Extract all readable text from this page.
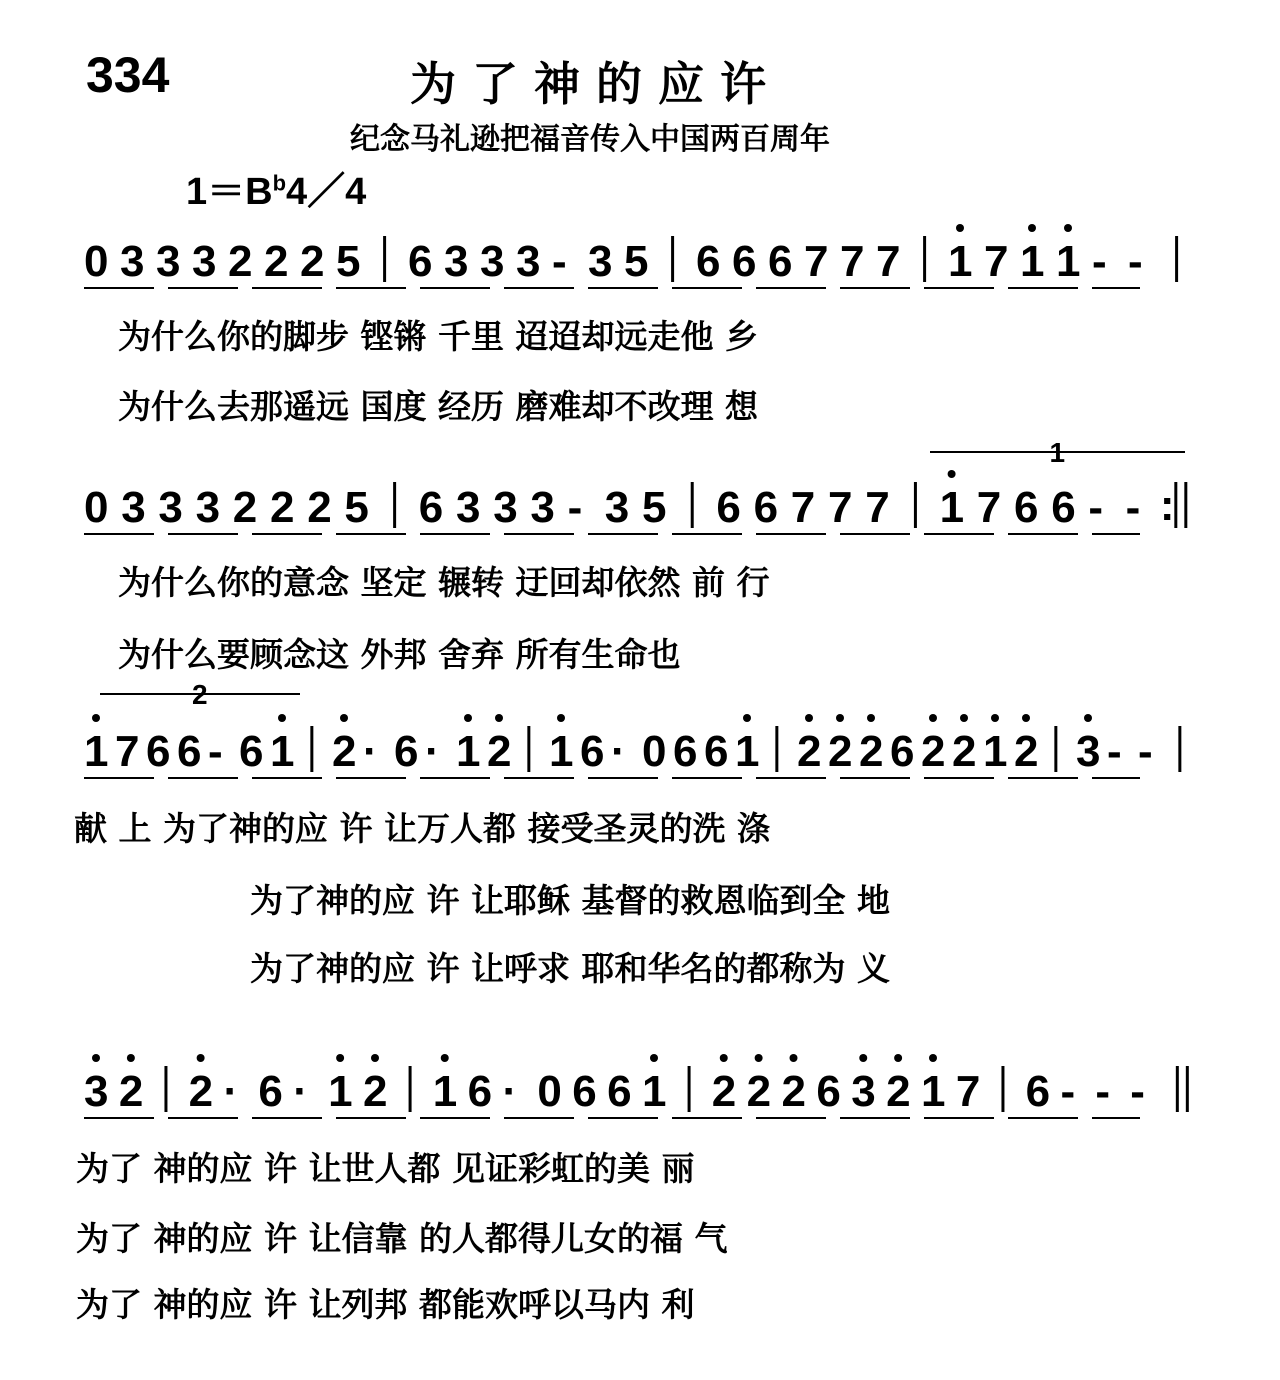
334	为了神的应许
纪念马礼逊把福音传入中国两百周年
$1=B^b4/4$
0 3 3 3 2 2 2 5 6 3 3 3 - 3 5 6 6 6 7 7 7 1 7 1 1 - -
为什么你的脚步 铿锵 千里 迢迢却远走他 乡
为什么去那遥远 国度 经历 磨难却不改理 想
0 3 3 3 2 2 2 5 6 3 3 3 - 3 5 6 6 7 7 7 1 7 6 6 - - :
1
为什么你的意念 坚定 辗转 迂回却依然 前 行
为什么要顾念这 外邦 舍弃 所有生命也
1 7 6 6 - 6 1 2 · 6 · 1 2 1 6 · 0 6 6 1 2 2 2 6 2 2 1 2 3 - -
2
献 上 为了神的应 许 让万人都 接受圣灵的洗 涤
为了神的应 许 让耶稣 基督的救恩临到全 地
为了神的应 许 让呼求 耶和华名的都称为 义
3 2 2 · 6 · 1 2 1 6 · 0 6 6 1 2 2 2 6 3 2 1 7 6 - - -
为了 神的应 许 让世人都 见证彩虹的美 丽
为了 神的应 许 让信靠 的人都得儿女的福 气
为了 神的应 许 让列邦 都能欢呼以马内 利
